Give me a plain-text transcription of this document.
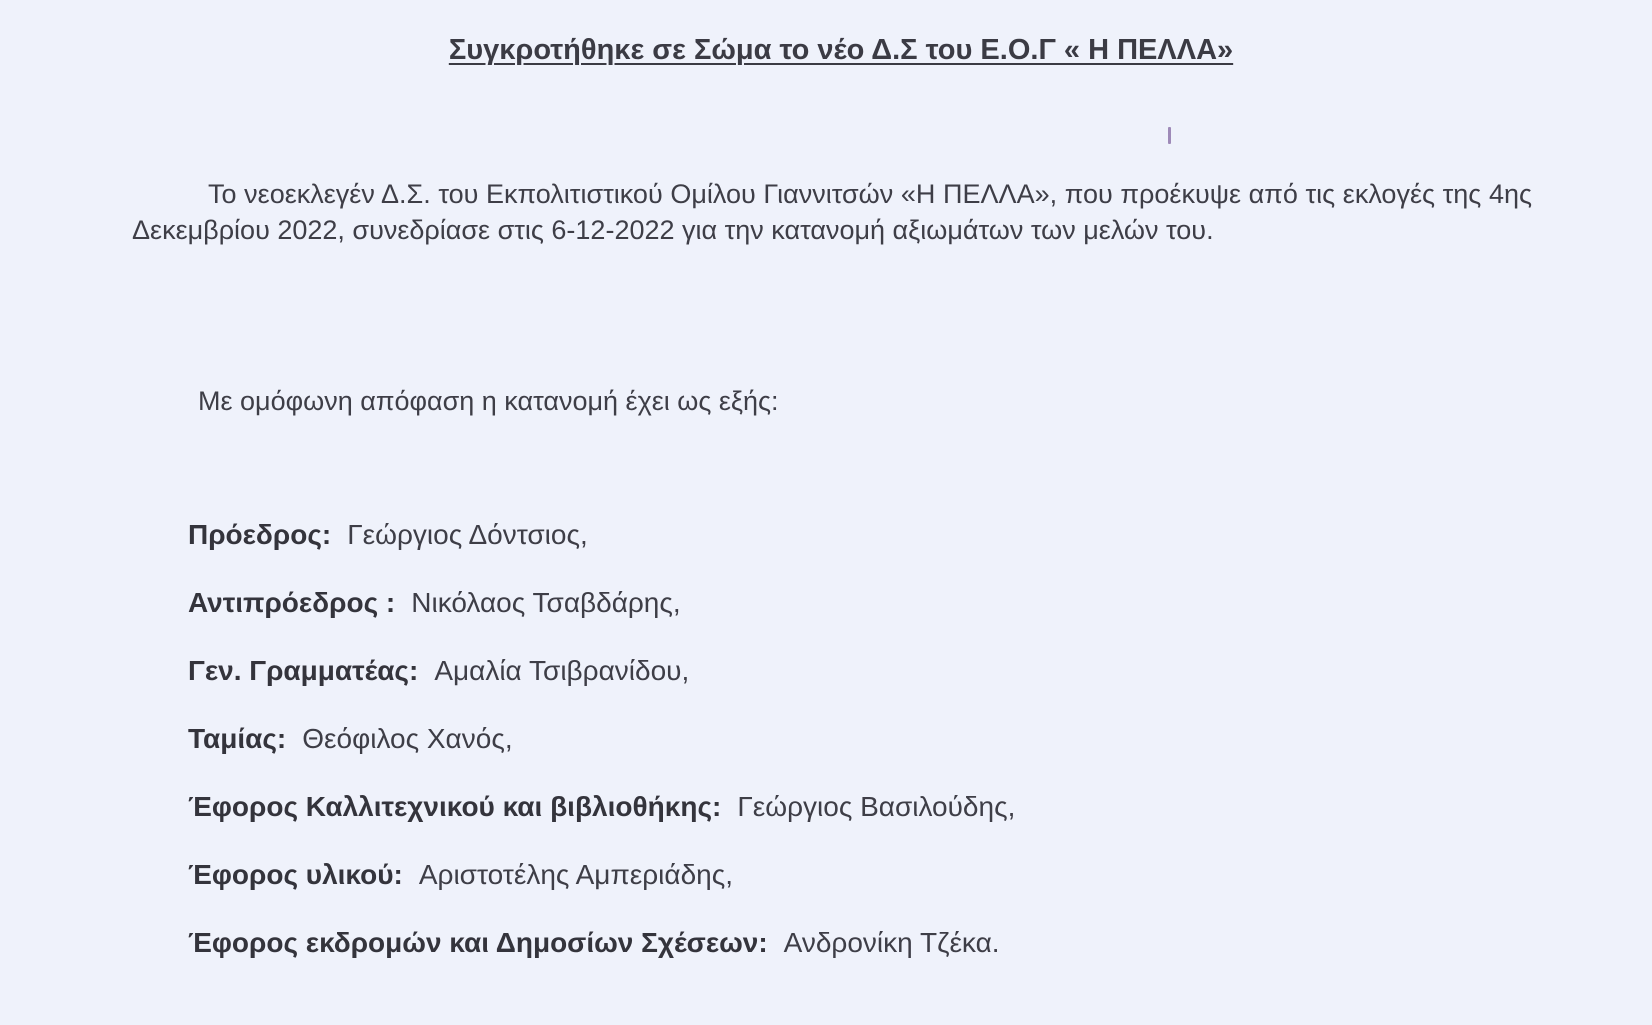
Συγκροτήθηκε σε Σώμα το νέο Δ.Σ του Ε.Ο.Γ « Η ΠΕΛΛΑ»

Το νεοεκλεγέν Δ.Σ. του Εκπολιτιστικού Ομίλου Γιαννιτσών «Η ΠΕΛΛΑ», που προέκυψε από τις εκλογές της 4ης Δεκεμβρίου 2022, συνεδρίασε στις 6-12-2022 για την κατανομή αξιωμάτων των μελών του.

Με ομόφωνη απόφαση η κατανομή έχει ως εξής:

Πρόεδρος: Γεώργιος Δόντσιος,
Αντιπρόεδρος : Νικόλαος Τσαβδάρης,
Γεν. Γραμματέας: Αμαλία Τσιβρανίδου,
Ταμίας: Θεόφιλος Χανός,
Έφορος Καλλιτεχνικού και βιβλιοθήκης: Γεώργιος Βασιλούδης,
Έφορος υλικού: Αριστοτέλης Αμπεριάδης,
Έφορος εκδρομών και Δημοσίων Σχέσεων: Ανδρονίκη Τζέκα.
